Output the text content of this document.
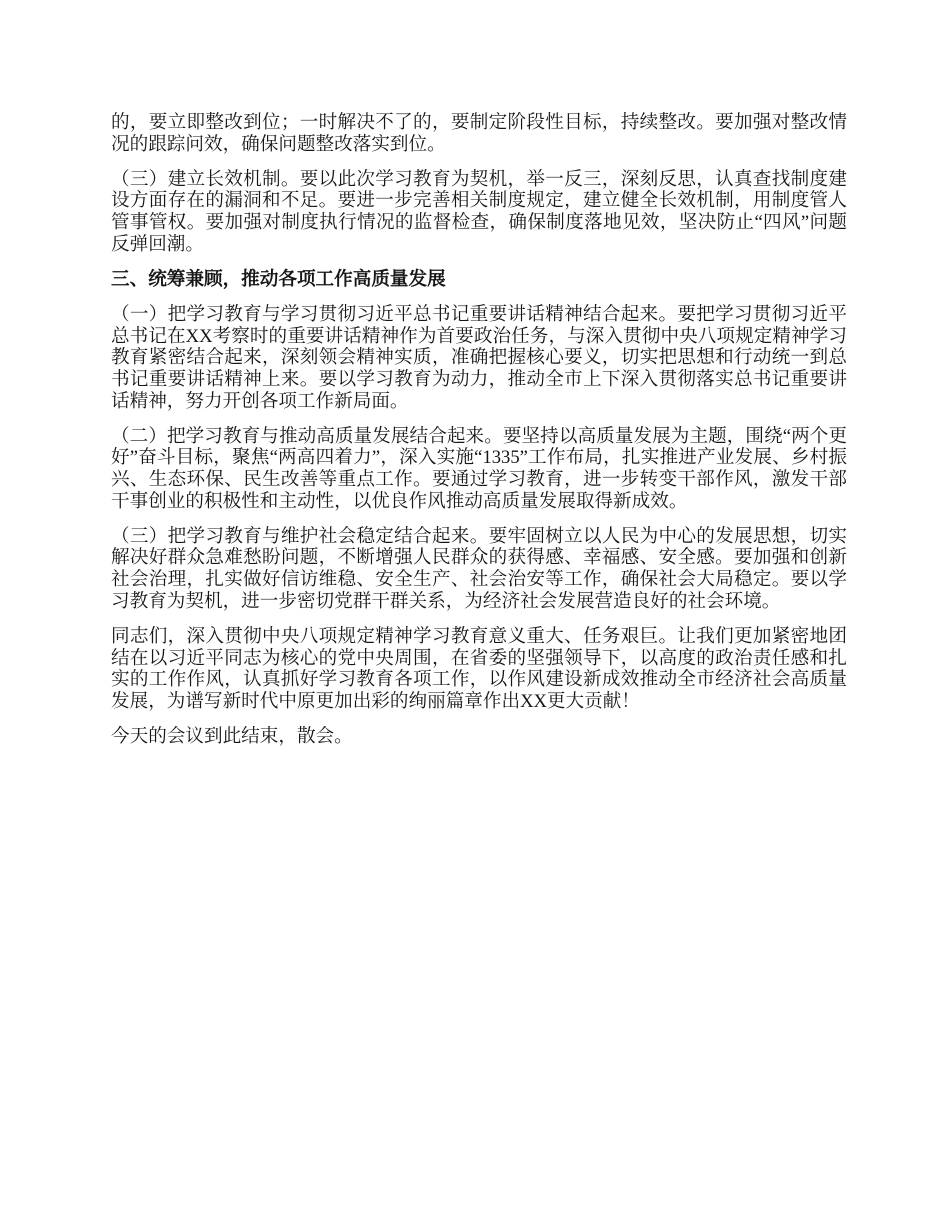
的，要立即整改到位；一时解决不了的，要制定阶段性目标，持续整改。要加强对整改情况的跟踪问效，确保问题整改落实到位。

（三）建立长效机制。要以此次学习教育为契机，举一反三，深刻反思，认真查找制度建设方面存在的漏洞和不足。要进一步完善相关制度规定，建立健全长效机制，用制度管人管事管权。要加强对制度执行情况的监督检查，确保制度落地见效，坚决防止“四风”问题反弹回潮。

三、统筹兼顾，推动各项工作高质量发展

（一）把学习教育与学习贯彻习近平总书记重要讲话精神结合起来。要把学习贯彻习近平总书记在XX考察时的重要讲话精神作为首要政治任务，与深入贯彻中央八项规定精神学习教育紧密结合起来，深刻领会精神实质，准确把握核心要义，切实把思想和行动统一到总书记重要讲话精神上来。要以学习教育为动力，推动全市上下深入贯彻落实总书记重要讲话精神，努力开创各项工作新局面。

（二）把学习教育与推动高质量发展结合起来。要坚持以高质量发展为主题，围绕“两个更好”奋斗目标，聚焦“两高四着力”，深入实施“1335”工作布局，扎实推进产业发展、乡村振兴、生态环保、民生改善等重点工作。要通过学习教育，进一步转变干部作风，激发干部干事创业的积极性和主动性，以优良作风推动高质量发展取得新成效。

（三）把学习教育与维护社会稳定结合起来。要牢固树立以人民为中心的发展思想，切实解决好群众急难愁盼问题，不断增强人民群众的获得感、幸福感、安全感。要加强和创新社会治理，扎实做好信访维稳、安全生产、社会治安等工作，确保社会大局稳定。要以学习教育为契机，进一步密切党群干群关系，为经济社会发展营造良好的社会环境。

同志们，深入贯彻中央八项规定精神学习教育意义重大、任务艰巨。让我们更加紧密地团结在以习近平同志为核心的党中央周围，在省委的坚强领导下，以高度的政治责任感和扎实的工作作风，认真抓好学习教育各项工作，以作风建设新成效推动全市经济社会高质量发展，为谱写新时代中原更加出彩的绚丽篇章作出XX更大贡献！

今天的会议到此结束，散会。
